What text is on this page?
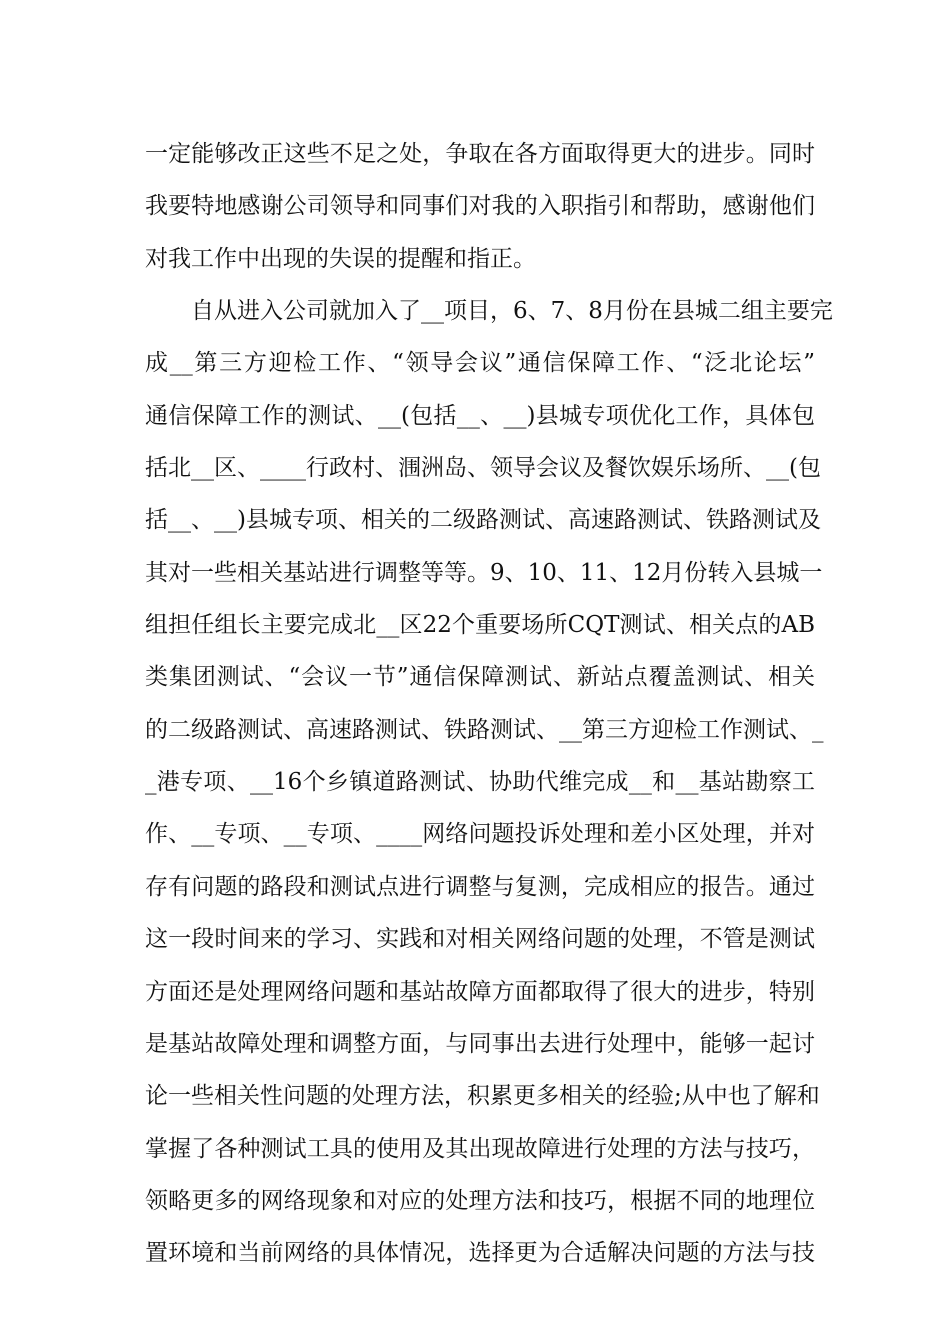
一定能够改正这些不足之处，争取在各方面取得更大的进步。同时
我要特地感谢公司领导和同事们对我的入职指引和帮助，感谢他们
对我工作中出现的失误的提醒和指正。
　　自从进入公司就加入了__项目，6、7、8月份在县城二组主要完
成__第三方迎检工作、“领导会议”通信保障工作、“泛北论坛”
通信保障工作的测试、__(包括__、__)县城专项优化工作，具体包
括北__区、____行政村、涠洲岛、领导会议及餐饮娱乐场所、__(包
括__、__)县城专项、相关的二级路测试、高速路测试、铁路测试及
其对一些相关基站进行调整等等。9、10、11、12月份转入县城一
组担任组长主要完成北__区22个重要场所CQT测试、相关点的AB
类集团测试、“会议一节”通信保障测试、新站点覆盖测试、相关
的二级路测试、高速路测试、铁路测试、__第三方迎检工作测试、_
_港专项、__16个乡镇道路测试、协助代维完成__和__基站勘察工
作、__专项、__专项、____网络问题投诉处理和差小区处理，并对
存有问题的路段和测试点进行调整与复测，完成相应的报告。通过
这一段时间来的学习、实践和对相关网络问题的处理，不管是测试
方面还是处理网络问题和基站故障方面都取得了很大的进步，特别
是基站故障处理和调整方面，与同事出去进行处理中，能够一起讨
论一些相关性问题的处理方法，积累更多相关的经验;从中也了解和
掌握了各种测试工具的使用及其出现故障进行处理的方法与技巧，
领略更多的网络现象和对应的处理方法和技巧，根据不同的地理位
置环境和当前网络的具体情况，选择更为合适解决问题的方法与技
